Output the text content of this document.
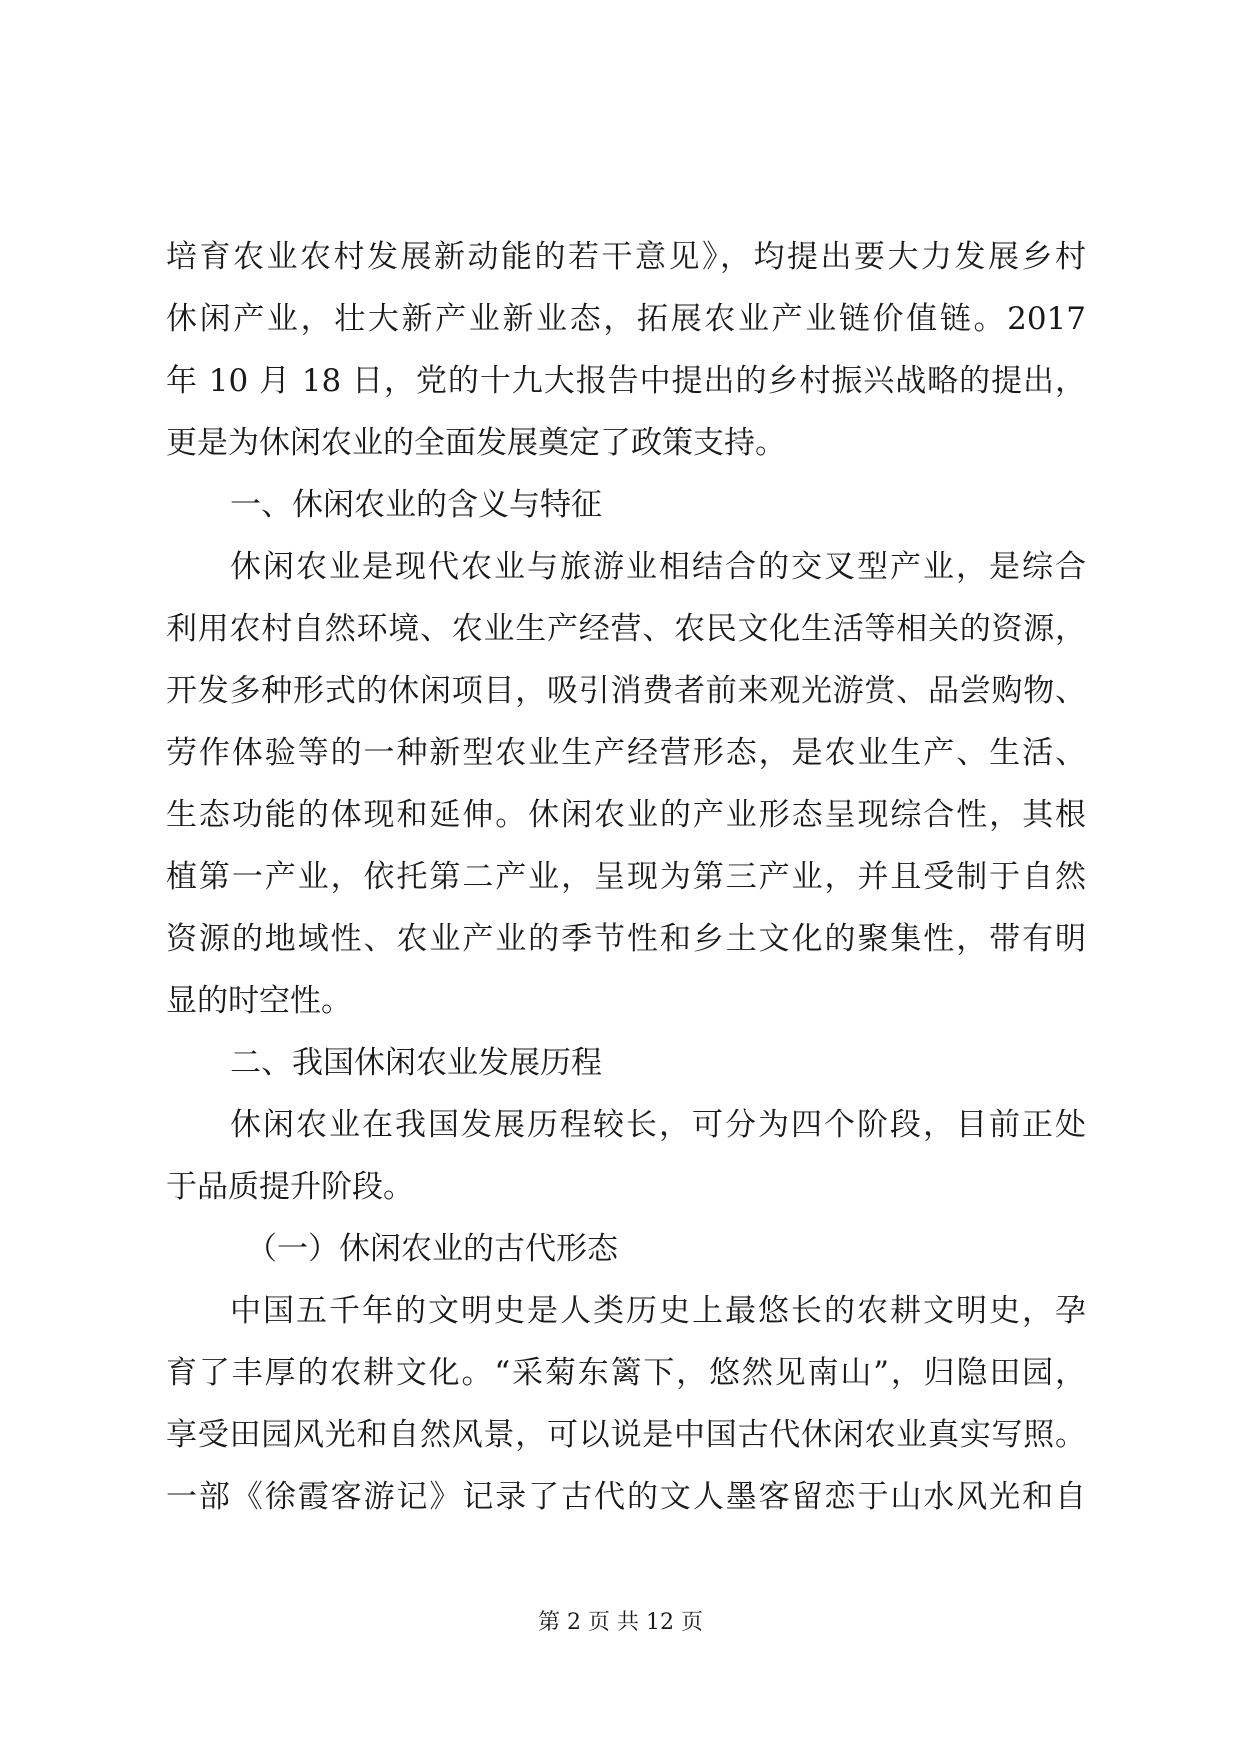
培育农业农村发展新动能的若干意见》，均提出要大力发展乡村
休闲产业，壮大新产业新业态，拓展农业产业链价值链。2017
年 10 月 18 日，党的十九大报告中提出的乡村振兴战略的提出，
更是为休闲农业的全面发展奠定了政策支持。
一、休闲农业的含义与特征
休闲农业是现代农业与旅游业相结合的交叉型产业，是综合
利用农村自然环境、农业生产经营、农民文化生活等相关的资源，
开发多种形式的休闲项目，吸引消费者前来观光游赏、品尝购物、
劳作体验等的一种新型农业生产经营形态，是农业生产、生活、
生态功能的体现和延伸。休闲农业的产业形态呈现综合性，其根
植第一产业，依托第二产业，呈现为第三产业，并且受制于自然
资源的地域性、农业产业的季节性和乡土文化的聚集性，带有明
显的时空性。
二、我国休闲农业发展历程
休闲农业在我国发展历程较长，可分为四个阶段，目前正处
于品质提升阶段。
（一）休闲农业的古代形态
中国五千年的文明史是人类历史上最悠长的农耕文明史，孕
育了丰厚的农耕文化。“采菊东篱下，悠然见南山”，归隐田园，
享受田园风光和自然风景，可以说是中国古代休闲农业真实写照。
一部《徐霞客游记》记录了古代的文人墨客留恋于山水风光和自
第 2 页 共 12 页
